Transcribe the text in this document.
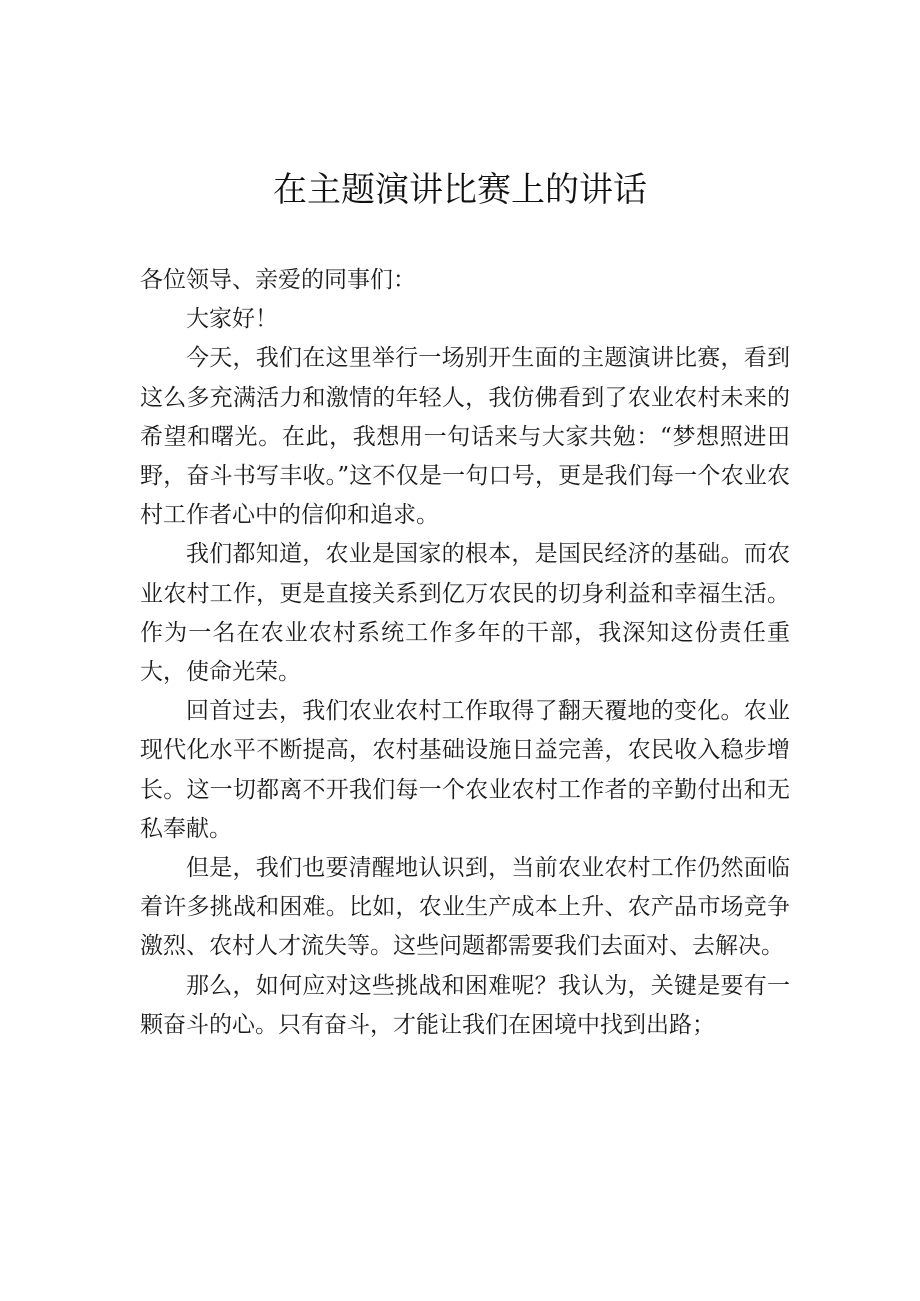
在主题演讲比赛上的讲话

各位领导、亲爱的同事们：

大家好！

今天，我们在这里举行一场别开生面的主题演讲比赛，看到这么多充满活力和激情的年轻人，我仿佛看到了农业农村未来的希望和曙光。在此，我想用一句话来与大家共勉：“梦想照进田野，奋斗书写丰收。”这不仅是一句口号，更是我们每一个农业农村工作者心中的信仰和追求。

我们都知道，农业是国家的根本，是国民经济的基础。而农业农村工作，更是直接关系到亿万农民的切身利益和幸福生活。作为一名在农业农村系统工作多年的干部，我深知这份责任重大，使命光荣。

回首过去，我们农业农村工作取得了翻天覆地的变化。农业现代化水平不断提高，农村基础设施日益完善，农民收入稳步增长。这一切都离不开我们每一个农业农村工作者的辛勤付出和无私奉献。

但是，我们也要清醒地认识到，当前农业农村工作仍然面临着许多挑战和困难。比如，农业生产成本上升、农产品市场竞争激烈、农村人才流失等。这些问题都需要我们去面对、去解决。

那么，如何应对这些挑战和困难呢？我认为，关键是要有一颗奋斗的心。只有奋斗，才能让我们在困境中找到出路；
